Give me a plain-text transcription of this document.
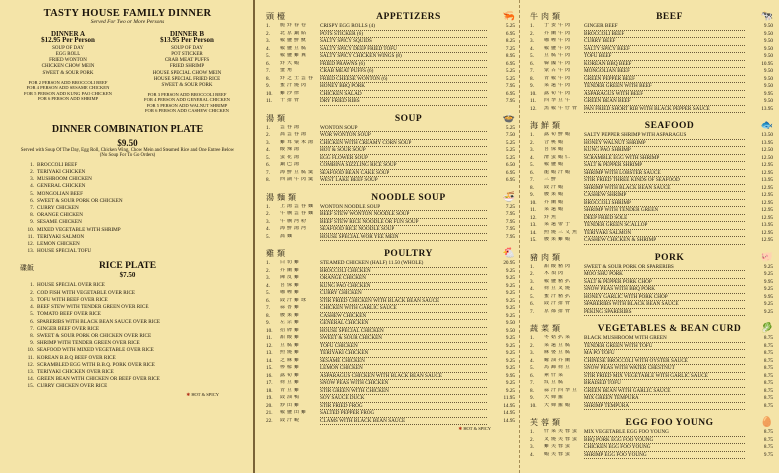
TASTY HOUSE FAMILY DINNER
Served For Two or More Persons
DINNER A
$12.95 Per Person
SOUP OF DAY
EGG ROLL
FRIED WONTON
CHICKEN CHOW MEIN
SWEET & SOUR PORK
FOR 2 PERSON ADD BROCCOLI BEEF
FOR 4 PERSON ADD SESAME CHICKEN
FOR 5 PERSON ADD KUNG PAO CHICKEN
FOR 6 PERSON ADD SHRIMP
DINNER B
$13.95 Per Person
SOUP OF DAY
POT STICKER
CRAB MEAT PUFFS
FRIED SHRIMP
HOUSE SPECIAL CHOW MEIN
HOUSE SPECIAL FRIED RICE
SWEET & SOUR PORK
FOR 3 PERSON ADD BROCCOLI BEEF
FOR 4 PERSON ADD GENERAL CHICKEN
FOR 5 PERSON ADD WALNUT SHRIMP
FOR 6 PERSON ADD CASHEW CHICKEN
DINNER COMBINATION PLATE
$9.50
Served with Soup Of The Day, Egg Roll, Chicken Wing, Chow Mein and Steamed Rice and One Entree Below (No Soup For To Go Orders)
1. BROCCOLI BEEF
2. TERIYAKI CHICKEN
3. MUSHROOM CHICKEN
4. GENERAL CHICKEN
5. MONGOLIAN BEEF
6. SWEET & SOUR PORK OR CHICKEN
7. CURRY CHICKEN
8. ORANGE CHICKEN
9. SESAME CHICKEN
10. MIXED VEGETABLE WITH SHRIMP
11. TERIYAKI SALMON
12. LEMON CHICKEN
13. HOUSE SPECIAL TOFU
碟飯	RICE PLATE
$7.50
1. HOUSE SPECIAL OVER RICE
2. COD FISH WITH VEGETABLE OVER RICE
3. TOFU WITH BEEF OVER RICE
4. BEEF STEW WITH TENDER GREEN OVER RICE
5. TOMATO BEEF OVER RICE
6. SPARERIBS WITH BLACK BEAN SAUCE OVER RICE
7. GINGER BEEF OVER RICE
8. SWEET & SOUR PORK OR CHICKEN OVER RICE
9. SHRIMP WITH TENDER GREEN OVER RICE
10. SEAFOOD WITH MIXED VEGETABLE OVER RICE
11. KOREAN B.B.Q BEEF OVER RICE
12. SCRAMBLED EGG WITH B.B.Q. PORK OVER RICE
13. TERIYAKI CHICKEN OVER RICE
14. GREEN BEAN WITH CHICKEN OR BEEF OVER RICE
15. CURRY CHICKEN OVER RICE
✱ HOT & SPICY
頭檯	APPETIZERS	🦐
1.	脆炸春卷	CRISPY EGG ROLLS (4)	5.25
2.	北京鍋貼	POTS STICKER (6)	6.95
3.	椒鹽鮮魷	SALTY SPICY SQUIDS	8.25
4.	椒鹽豆腐	SALTY SPICY DEEP FRIED TOFU	7.25
5.	椒鹽雞翼	SALTY SPICY CHICKEN WINGS (8)	8.95
6.	炸大蝦	FRIED PRAWNS (6)	6.95
7.	蟹角	CRAB MEAT PUFFS (6)	5.25
8.	炸芝士雲吞 FRIED CHEESE WONTON (6)	5.25
9.	蜜汁燒肉	HONEY BBQ PORK	7.95
10.	雞沙律	CHICKEN SALAD	6.95
11.	干排骨	DRY FRIED RIBS	7.95
湯類	SOUP	🍲
1.	雲吞湯	WONTON SOUP	5.25
2.	窩雲吞湯	WOR WONTON SOUP	7.50
3.	雞茸粟米湯 CHICKEN WITH CREAMY CORN SOUP	5.25
4.	酸辣湯	HOT & SOUR SOUP	5.25
5.	蛋花湯	EGG FLOWER SOUP	5.25
6.	鍋巴湯	COMBINA SIZZLING RICE SOUP	6.50
7.	海鮮豆腐羹 SEAFOOD BEAN CAKE SOUP	6.95
8.	西湖牛肉羹 WEST LAKE BEEF SOUP	6.95
湯麵類	NOODLE SOUP	🍜
1.	上湯雲吞麵 WONTON NOODLE SOUP	7.25
2.	牛腩雲吞麵 BEEF STEW WONTON NOODLE SOUP	7.95
3.	牛腩河粉	BEEF STEW RICE NOODLE OR FUN SOUP	7.95
4.	海鮮湯河	SEAFOOD RICE NOODLE SOUP	7.95
5.	窩麵	HOUSE SPECIAL WOR YEE MEIN	7.95
雞類	POULTRY	🐔
1.	白切雞	STEAMED CHICKEN (HALF) 11.50 (WHOLE)	20.95
2.	芥蘭雞	BROCCOLI CHICKEN	9.25
3.	陳皮雞	ORANGE CHICKEN	9.25
4.	宮保雞	KUNG PAO CHICKEN	9.25
5.	咖喱雞	CURRY CHICKEN	9.25
6.	豉汁雞球	STIR FRIED CHICKEN WITH BLACK BEAN SAUCE	9.25
7.	蒜香雞	CHICKEN WITH GARLIC SAUCE	9.25
8.	腰果雞	CASHEW CHICKEN	9.25
9.	左宗雞	GENERAL CHICKEN	9.50
10.	招牌雞	HOUSE SPECIAL CHICKEN	9.50
11.	甜酸雞	SWEET & SOUR CHICKEN	9.25
12.	豆腐雞	TOFU CHICKEN	9.25
13.	照燒雞	TERIYAKI CHICKEN	9.25
14.	芝麻雞	SESAME CHICKEN	9.25
15.	檸檬雞	LEMON CHICKEN	9.25
16.	露筍雞	ASPARAGUS CHICKEN WITH BLACK BEAN SAUCE	9.95
17.	荷豆雞	SNOW PEAS WITH CHICKEN	9.25
18.	青豆雞	STIR GREEN WITH CHICKEN	9.25
19.	豉油鴨	SOY SAUCE DUCK	11.95
20.	炒田雞	STIR FRIED FROG	14.95
21.	椒鹽田雞	SALTED PEPPER FROG	14.95
22.	豉汁蜆	CLAMS WITH BLACK BEAN SAUCE	14.95
✱ HOT & SPICY
牛肉類	BEEF	🐄
1.	子姜牛肉	GINGER BEEF	9.50
2.	芥蘭牛肉	BROCCOLI BEEF	9.50
3.	咖喱牛肉	CURRY BEEF	9.50
4.	椒鹽牛肉	SALTY SPICY BEEF	9.50
5.	豆腐牛肉	TOFU BEEF	9.50
6.	韓國牛肉	KOREAN BBQ BEEF	10.95
7.	蒙古牛肉	MONGOLIAN BEEF	9.50
8.	青椒牛肉	GREEN PEPPER BEEF	9.50
9.	菜遠牛肉	TENDER GREEN WITH BEEF	9.50
10.	露筍牛肉	ASPARAGUS WITH BEEF	9.95
11.	四季豆牛	GREEN BEAN BEEF	9.50
12.	黑椒牛仔骨 PAN FRIED SHORT RIB WITH BLACK PEPPER SAUCE	13.95
海鮮類	SEAFOOD	🐟
1.	露筍鮮蝦	SALTY PEPPER SHRIMP WITH ASPARAGUS	13.50
2.	合桃蝦	HONEY WALNUT SHRIMP	13.95
3.	宮保蝦	KUNG PAO SHRIMP	12.50
4.	滑蛋蝦仁	SCRAMBLE EGG WITH SHRIMP	12.50
5.	椒鹽蝦	SALT & PEPPER SHRIMP	12.95
6.	龍蝦汁蝦	SHRIMP WITH LOBSTER SAUCE	12.95
7.	三鮮	STIR FRIED THREE KINDS OF SEAFOOD	13.95
8.	豉汁蝦	SHRIMP WITH BLACK BEAN SAUCE	12.95
9.	腰果蝦	CASHEW SHRIMP	12.95
10.	芥蘭蝦	BROCCOLI SHRIMP	12.95
11.	菜遠蝦	SHRIMP WITH TENDER GREEN	12.95
12.	炸魚	DEEP FRIED SOLE	12.95
13.	菜遠帶子	TENDER GREEN SCALLOP	13.95
14.	照燒三文魚 TERIYAKI SALMON	12.95
15.	腰果雞蝦	CASHEW CHICKEN & SHRIMP	12.95
豬肉類	PORK	🐖
1.	甜酸豬肉	SWEET & SOUR PORK OR SPARERIBS	9.25
2.	木須肉	MOO SHU PORK	9.25
3.	椒鹽豬扒	SALT & PEPPER PORK CHOP	9.95
4.	荷豆叉燒	SNOW PEAS WITH BBQ PORK	9.25
5.	蜜汁豬扒	HONEY GARLIC WITH PORK CHOP	9.95
6.	豉汁排骨	SPARERIBS WITH BLACK BEAN SAUCE	9.25
7.	京都排骨	PEKING SPARERIBS	9.25
蔬菜類	VEGETABLES & BEAN CURD	🥬
1.	冬菇扒菜	BLACK MUSHROOM WITH GREEN	8.75
2.	菜遠豆腐	TENDER GREEN WITH TOFU	8.75
3.	麻婆豆腐	MA PO TOFU	8.75
4.	蠔油芥蘭	CHINESE BROCCOLI WITH OYSTER SAUCE	8.75
5.	馬蹄荷豆	SNOW PEAS WITH WATER CHESTNUT	8.75
6.	素什菜	STIR FRIED MIX VEGETABLE WITH GARLIC SAUCE	8.75
7.	炆豆腐	BRAISED TOFU	8.75
8.	蒜汁四季豆 GREEN BEAN WITH GARLIC SAUCE	8.75
9.	天婦羅	MIX GREEN TEMPURA	8.75
10.	天婦羅蝦	SHRIMP TEMPURA	8.75
芙蓉類	EGG FOO YOUNG	🥚
1.	什菜芙蓉蛋 MIX VEGETABLE EGG FOO YOUNG	8.75
2.	叉燒芙蓉蛋 BBQ PORK EGG FOO YOUNG	8.75
3.	雞芙蓉蛋	CHICKEN EGG FOO YOUNG	8.75
4.	蝦芙蓉蛋	SHRIMP EGG FOO YOUNG	9.75
